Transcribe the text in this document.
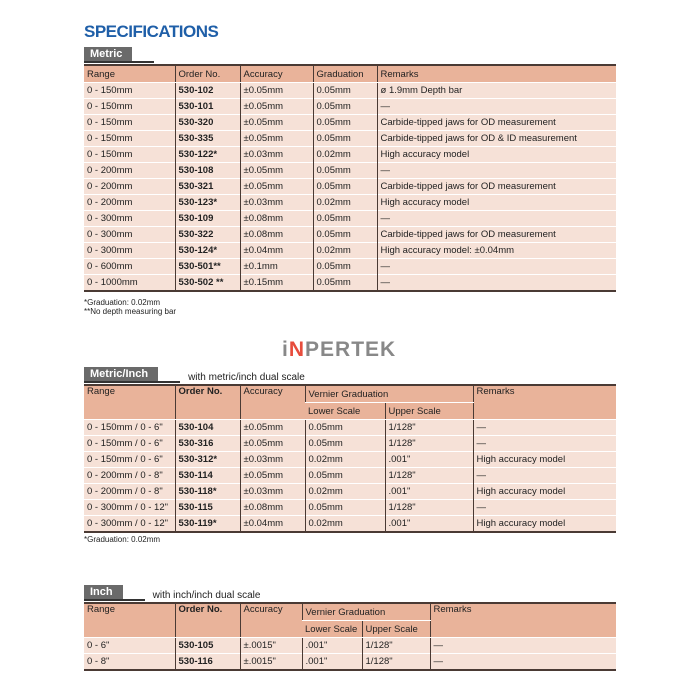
SPECIFICATIONS
Metric
Range	Order No.	Accuracy	Graduation	Remarks
0 - 150mm	530-102	±0.05mm	0.05mm	ø 1.9mm Depth bar
0 - 150mm	530-101	±0.05mm	0.05mm	—
0 - 150mm	530-320	±0.05mm	0.05mm	Carbide-tipped jaws for OD measurement
0 - 150mm	530-335	±0.05mm	0.05mm	Carbide-tipped jaws for OD & ID measurement
0 - 150mm	530-122*	±0.03mm	0.02mm	High accuracy model
0 - 200mm	530-108	±0.05mm	0.05mm	—
0 - 200mm	530-321	±0.05mm	0.05mm	Carbide-tipped jaws for OD measurement
0 - 200mm	530-123*	±0.03mm	0.02mm	High accuracy model
0 - 300mm	530-109	±0.08mm	0.05mm	—
0 - 300mm	530-322	±0.08mm	0.05mm	Carbide-tipped jaws for OD measurement
0 - 300mm	530-124*	±0.04mm	0.02mm	High accuracy model: ±0.04mm
0 - 600mm	530-501**	±0.1mm	0.05mm	—
0 - 1000mm	530-502 **	±0.15mm	0.05mm	—
*Graduation: 0.02mm
**No depth measuring bar
iNPERTEK
Metric/Inch	with metric/inch dual scale
Range	Order No.	Accuracy	Vernier Graduation		Remarks
			Lower Scale	Upper Scale	
0 - 150mm / 0 - 6"	530-104	±0.05mm	0.05mm	1/128"	—
0 - 150mm / 0 - 6"	530-316	±0.05mm	0.05mm	1/128"	—
0 - 150mm / 0 - 6"	530-312*	±0.03mm	0.02mm	.001"	High accuracy model
0 - 200mm / 0 - 8"	530-114	±0.05mm	0.05mm	1/128"	—
0 - 200mm / 0 - 8"	530-118*	±0.03mm	0.02mm	.001"	High accuracy model
0 - 300mm / 0 - 12"	530-115	±0.08mm	0.05mm	1/128"	—
0 - 300mm / 0 - 12"	530-119*	±0.04mm	0.02mm	.001"	High accuracy model
*Graduation: 0.02mm
Inch	with inch/inch dual scale
Range	Order No.	Accuracy	Vernier Graduation		Remarks
			Lower Scale	Upper Scale	
0 - 6"	530-105	±.0015"	.001"	1/128"	—
0 - 8"	530-116	±.0015"	.001"	1/128"	—
